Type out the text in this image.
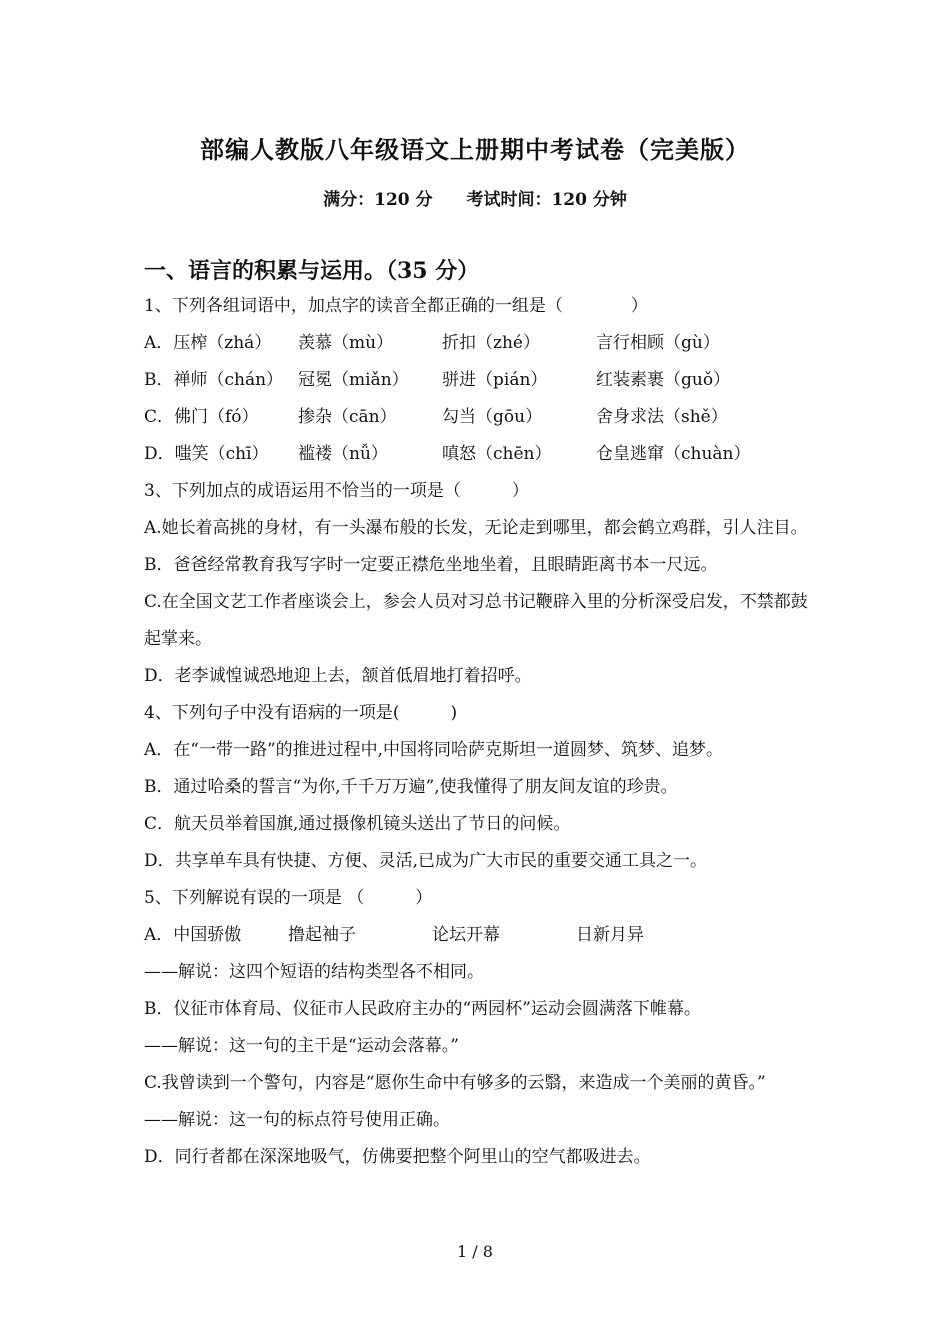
部编人教版八年级语文上册期中考试卷（完美版）
满分：120 分 考试时间：120 分钟
一、语言的积累与运用。（35 分）
1、下列各组词语中，加点字的读音全都正确的一组是（　　　　）
A．压榨（zhá）	羡慕（mù）	折扣（zhé）	言行相顾（gù）
B．禅师（chán） 冠冕（miǎn）	骈进（pián）	红装素裹（guǒ）
C．佛门（fó）	掺杂（cān）	勾当（gōu）	舍身求法（shě）
D．嗤笑（chī）	褴褛（nǚ）	嗔怒（chēn）	仓皇逃窜（chuàn）
3、下列加点的成语运用不恰当的一项是（　　　）
A.她长着高挑的身材，有一头瀑布般的长发，无论走到哪里，都会鹤立鸡群，引人注目。
B．爸爸经常教育我写字时一定要正襟危坐地坐着，且眼睛距离书本一尺远。
C.在全国文艺工作者座谈会上，参会人员对习总书记鞭辟入里的分析深受启发，不禁都鼓起掌来。
D．老李诚惶诚恐地迎上去，颔首低眉地打着招呼。
4、下列句子中没有语病的一项是(　　　)
A．在“一带一路”的推进过程中,中国将同哈萨克斯坦一道圆梦、筑梦、追梦。
B．通过哈桑的誓言“为你,千千万万遍”,使我懂得了朋友间友谊的珍贵。
C．航天员举着国旗,通过摄像机镜头送出了节日的问候。
D．共享单车具有快捷、方便、灵活,已成为广大市民的重要交通工具之一。
5、下列解说有误的一项是 （　　　）
A．中国骄傲	撸起袖子	论坛开幕	日新月异
——解说：这四个短语的结构类型各不相同。
B．仪征市体育局、仪征市人民政府主办的“两园杯”运动会圆满落下帷幕。
——解说：这一句的主干是“运动会落幕。”
C.我曾读到一个警句，内容是“愿你生命中有够多的云翳，来造成一个美丽的黄昏。”
——解说：这一句的标点符号使用正确。
D．同行者都在深深地吸气，仿佛要把整个阿里山的空气都吸进去。
1 / 8
